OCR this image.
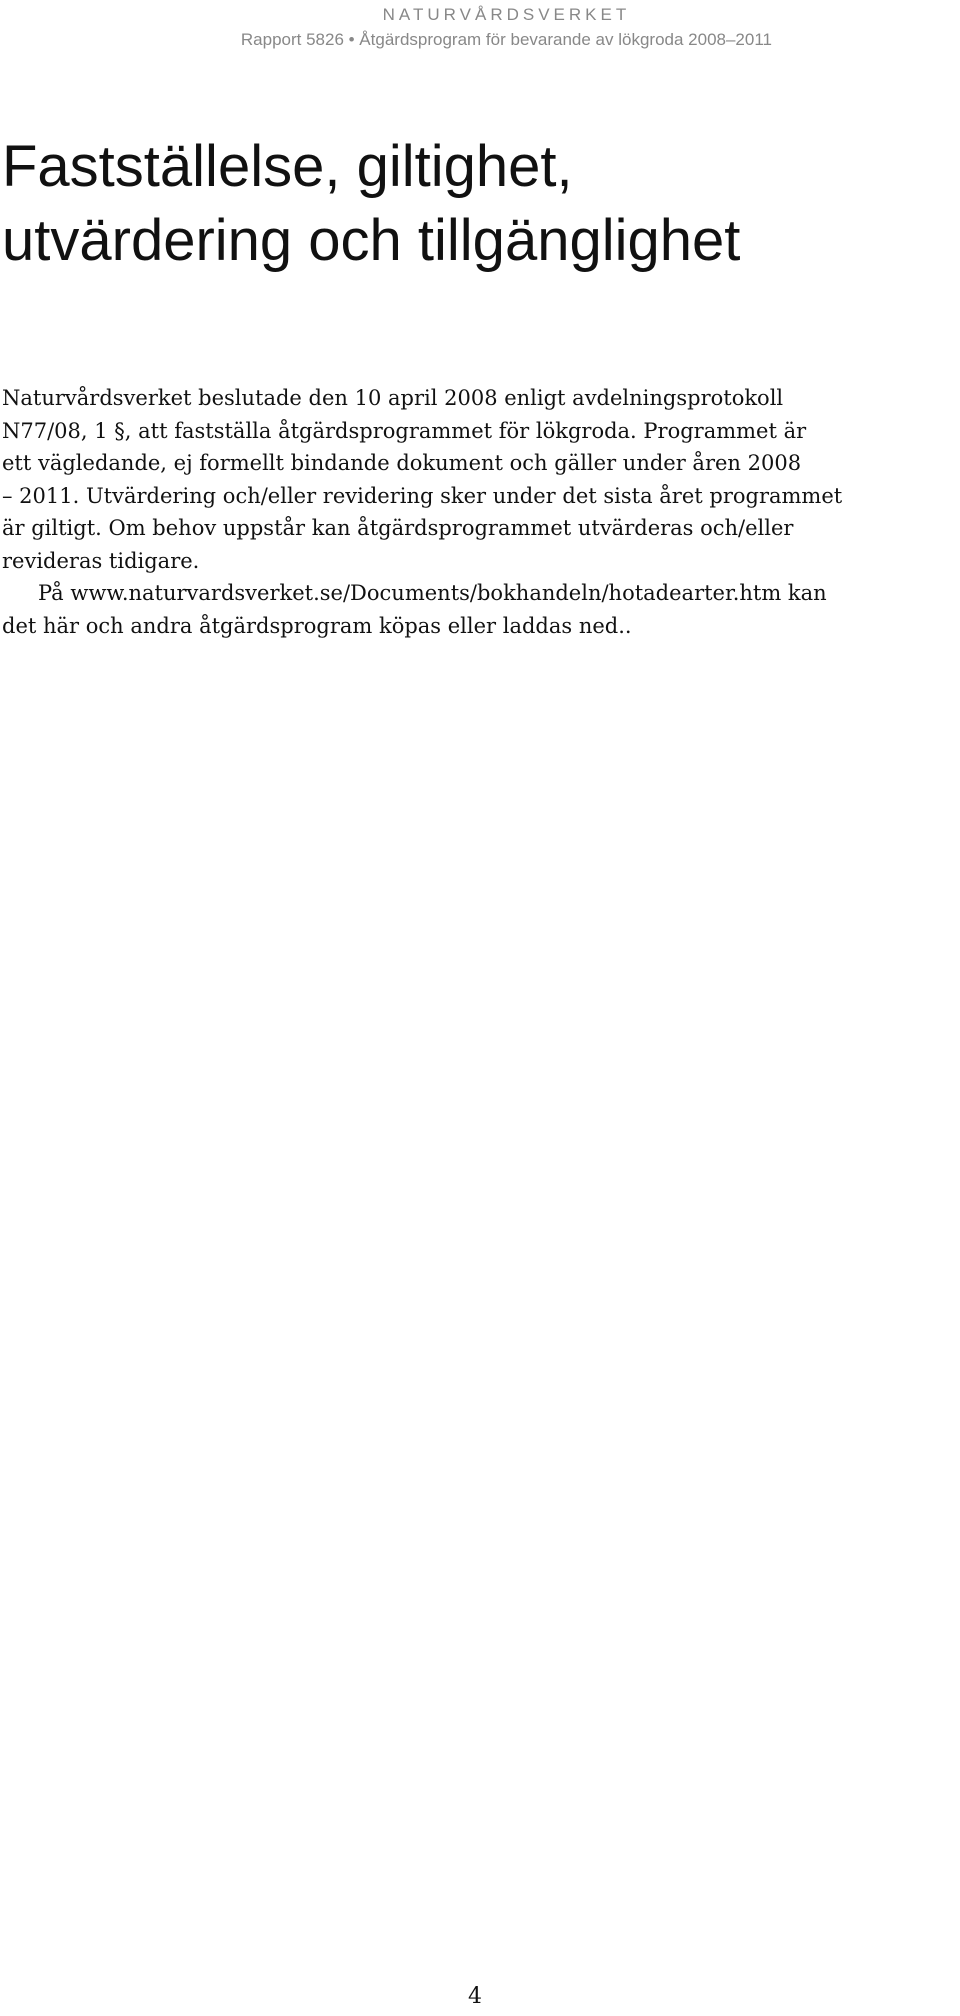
NATURVÅRDSVERKET
Rapport 5826 • Åtgärdsprogram för bevarande av lökgroda 2008–2011
Fastställelse, giltighet,
utvärdering och tillgänglighet
Naturvårdsverket beslutade den 10 april 2008 enligt avdelningsprotokoll
N77/08, 1 §, att fastställa åtgärdsprogrammet för lökgroda. Programmet är
ett vägledande, ej formellt bindande dokument och gäller under åren 2008
– 2011. Utvärdering och/eller revidering sker under det sista året programmet
är giltigt. Om behov uppstår kan åtgärdsprogrammet utvärderas och/eller
revideras tidigare.
På www.naturvardsverket.se/Documents/bokhandeln/hotadearter.htm kan
det här och andra åtgärdsprogram köpas eller laddas ned..
4
